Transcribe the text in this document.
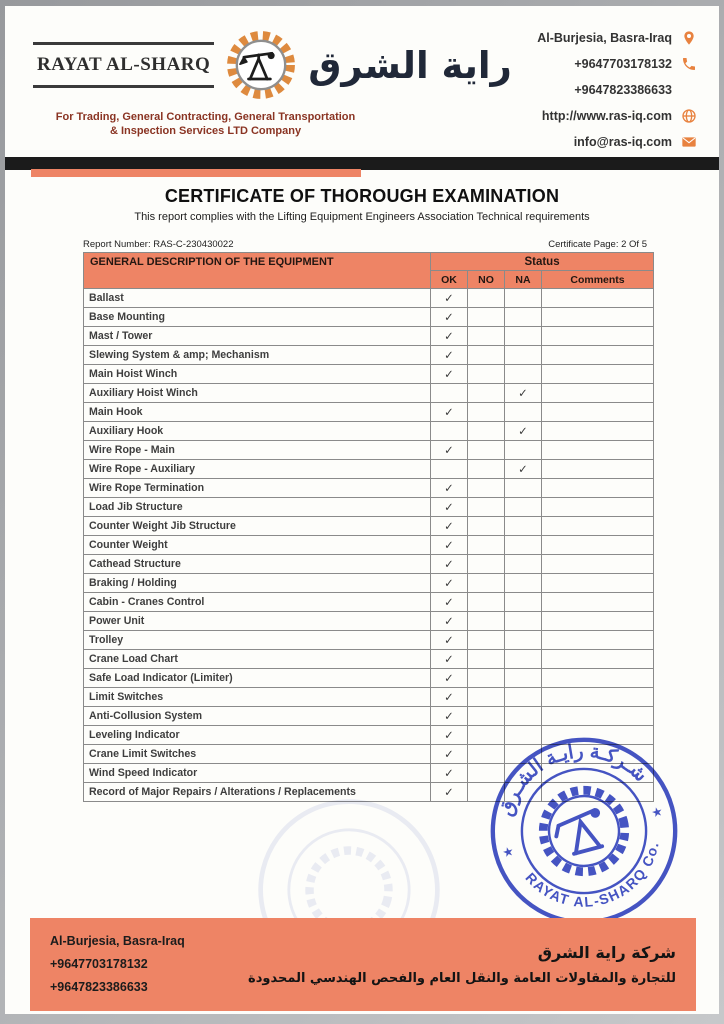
RAYAT AL-SHARQ	راية الشرق
For Trading, General Contracting, General Transportation
& Inspection Services LTD Company
Al-Burjesia, Basra-Iraq
+9647703178132
+9647823386633
http://www.ras-iq.com
info@ras-iq.com
CERTIFICATE OF THOROUGH EXAMINATION
This report complies with the Lifting Equipment Engineers Association Technical requirements
Report Number: RAS-C-230430022	Certificate Page: 2 Of 5
GENERAL DESCRIPTION OF THE EQUIPMENT	Status			
	OK	NO	NA	Comments
Ballast	✓			
Base Mounting	✓			
Mast / Tower	✓			
Slewing System & amp; Mechanism	✓			
Main Hoist Winch	✓			
Auxiliary Hoist Winch			✓	
Main Hook	✓			
Auxiliary Hook			✓	
Wire Rope - Main	✓			
Wire Rope - Auxiliary			✓	
Wire Rope Termination	✓			
Load Jib Structure	✓			
Counter Weight Jib Structure	✓			
Counter Weight	✓			
Cathead Structure	✓			
Braking / Holding	✓			
Cabin - Cranes Control	✓			
Power Unit	✓			
Trolley	✓			
Crane Load Chart	✓			
Safe Load Indicator (Limiter)	✓			
Limit Switches	✓			
Anti-Collusion System	✓			
Leveling Indicator	✓			
Crane Limit Switches	✓			
Wind Speed Indicator	✓			
Record of Major Repairs / Alterations / Replacements	✓			
شـركـة رايـة الشـرق
RAYAT AL-SHARQ Co.
★
★
Al-Burjesia, Basra-Iraq
+9647703178132
+9647823386633
شركة راية الشرق
للتجارة والمقاولات العامة والنقل العام والفحص الهندسي المحدودة
